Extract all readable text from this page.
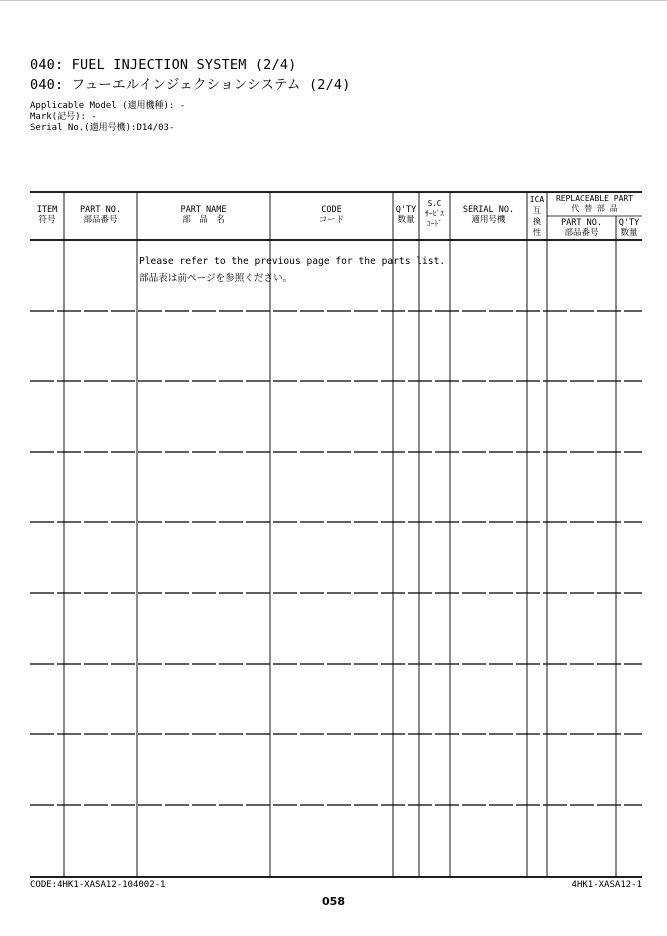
040: FUEL INJECTION SYSTEM (2/4)
040: フューエルインジェクションシステム (2/4)
Applicable Model (適用機種): -
Mark(記号): -
Serial No.(適用号機):D14/03-
ITEM
符号
PART NO.
部品番号
PART NAME
部　品　名
CODE
コード
Q'TY
数量
S.C
ｻｰﾋﾞｽ
ｺｰﾄﾞ
SERIAL NO.
適用号機
ICA
互
換
性
REPLACEABLE PART
代 替 部 品
PART NO.
部品番号
Q'TY
数量
Please refer to the previous page for the parts list.
部品表は前ページを参照ください。
CODE:4HK1-XASA12-104002-1	4HK1-XASA12-1
058
